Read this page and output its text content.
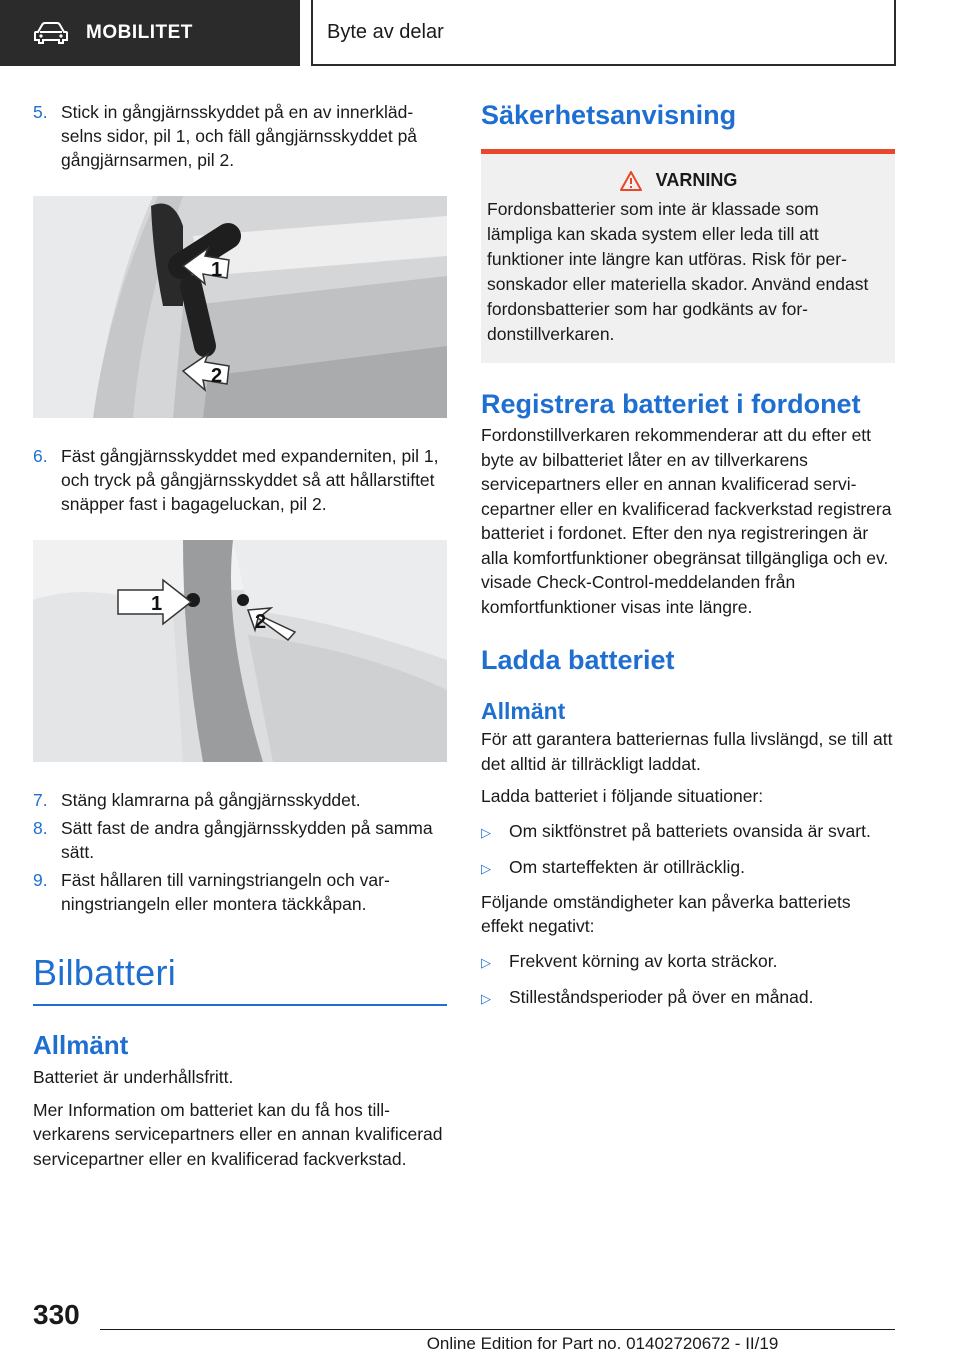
MOBILITET	Byte av delar
5. Stick in gångjärnsskyddet på en av innerklädselns sidor, pil 1, och fäll gångjärnsskyddet på gångjärnsarmen, pil 2.
1
2
6. Fäst gångjärnsskyddet med expanderniten, pil 1, och tryck på gångjärnsskyddet så att hållarstiftet snäpper fast i bagageluckan, pil 2.
1
2
7. Stäng klamrarna på gångjärnsskyddet.
8. Sätt fast de andra gångjärnsskydden på samma sätt.
9. Fäst hållaren till varningstriangeln och varningstriangeln eller montera täckkåpan.
Bilbatteri
Allmänt
Batteriet är underhållsfritt.
Mer Information om batteriet kan du få hos tillverkarens servicepartners eller en annan kvalificerad servicepartner eller en kvalificerad fackverkstad.
Säkerhetsanvisning
VARNING
Fordonsbatterier som inte är klassade som lämpliga kan skada system eller leda till att funktioner inte längre kan utföras. Risk för personskador eller materiella skador. Använd endast fordonsbatterier som har godkänts av fordonstillverkaren.
Registrera batteriet i fordonet
Fordonstillverkaren rekommenderar att du efter ett byte av bilbatteriet låter en av tillverkarens servicepartners eller en annan kvalificerad servicepartner eller en kvalificerad fackverkstad registrera batteriet i fordonet. Efter den nya registreringen är alla komfortfunktioner obegränsat tillgängliga och ev. visade Check-Control-meddelanden från komfortfunktioner visas inte längre.
Ladda batteriet
Allmänt
För att garantera batteriernas fulla livslängd, se till att det alltid är tillräckligt laddat.
Ladda batteriet i följande situationer:
▷	Om siktfönstret på batteriets ovansida är svart.
▷	Om starteffekten är otillräcklig.
Följande omständigheter kan påverka batteriets effekt negativt:
▷	Frekvent körning av korta sträckor.
▷	Stilleståndsperioder på över en månad.
330
Online Edition for Part no. 01402720672 - II/19
